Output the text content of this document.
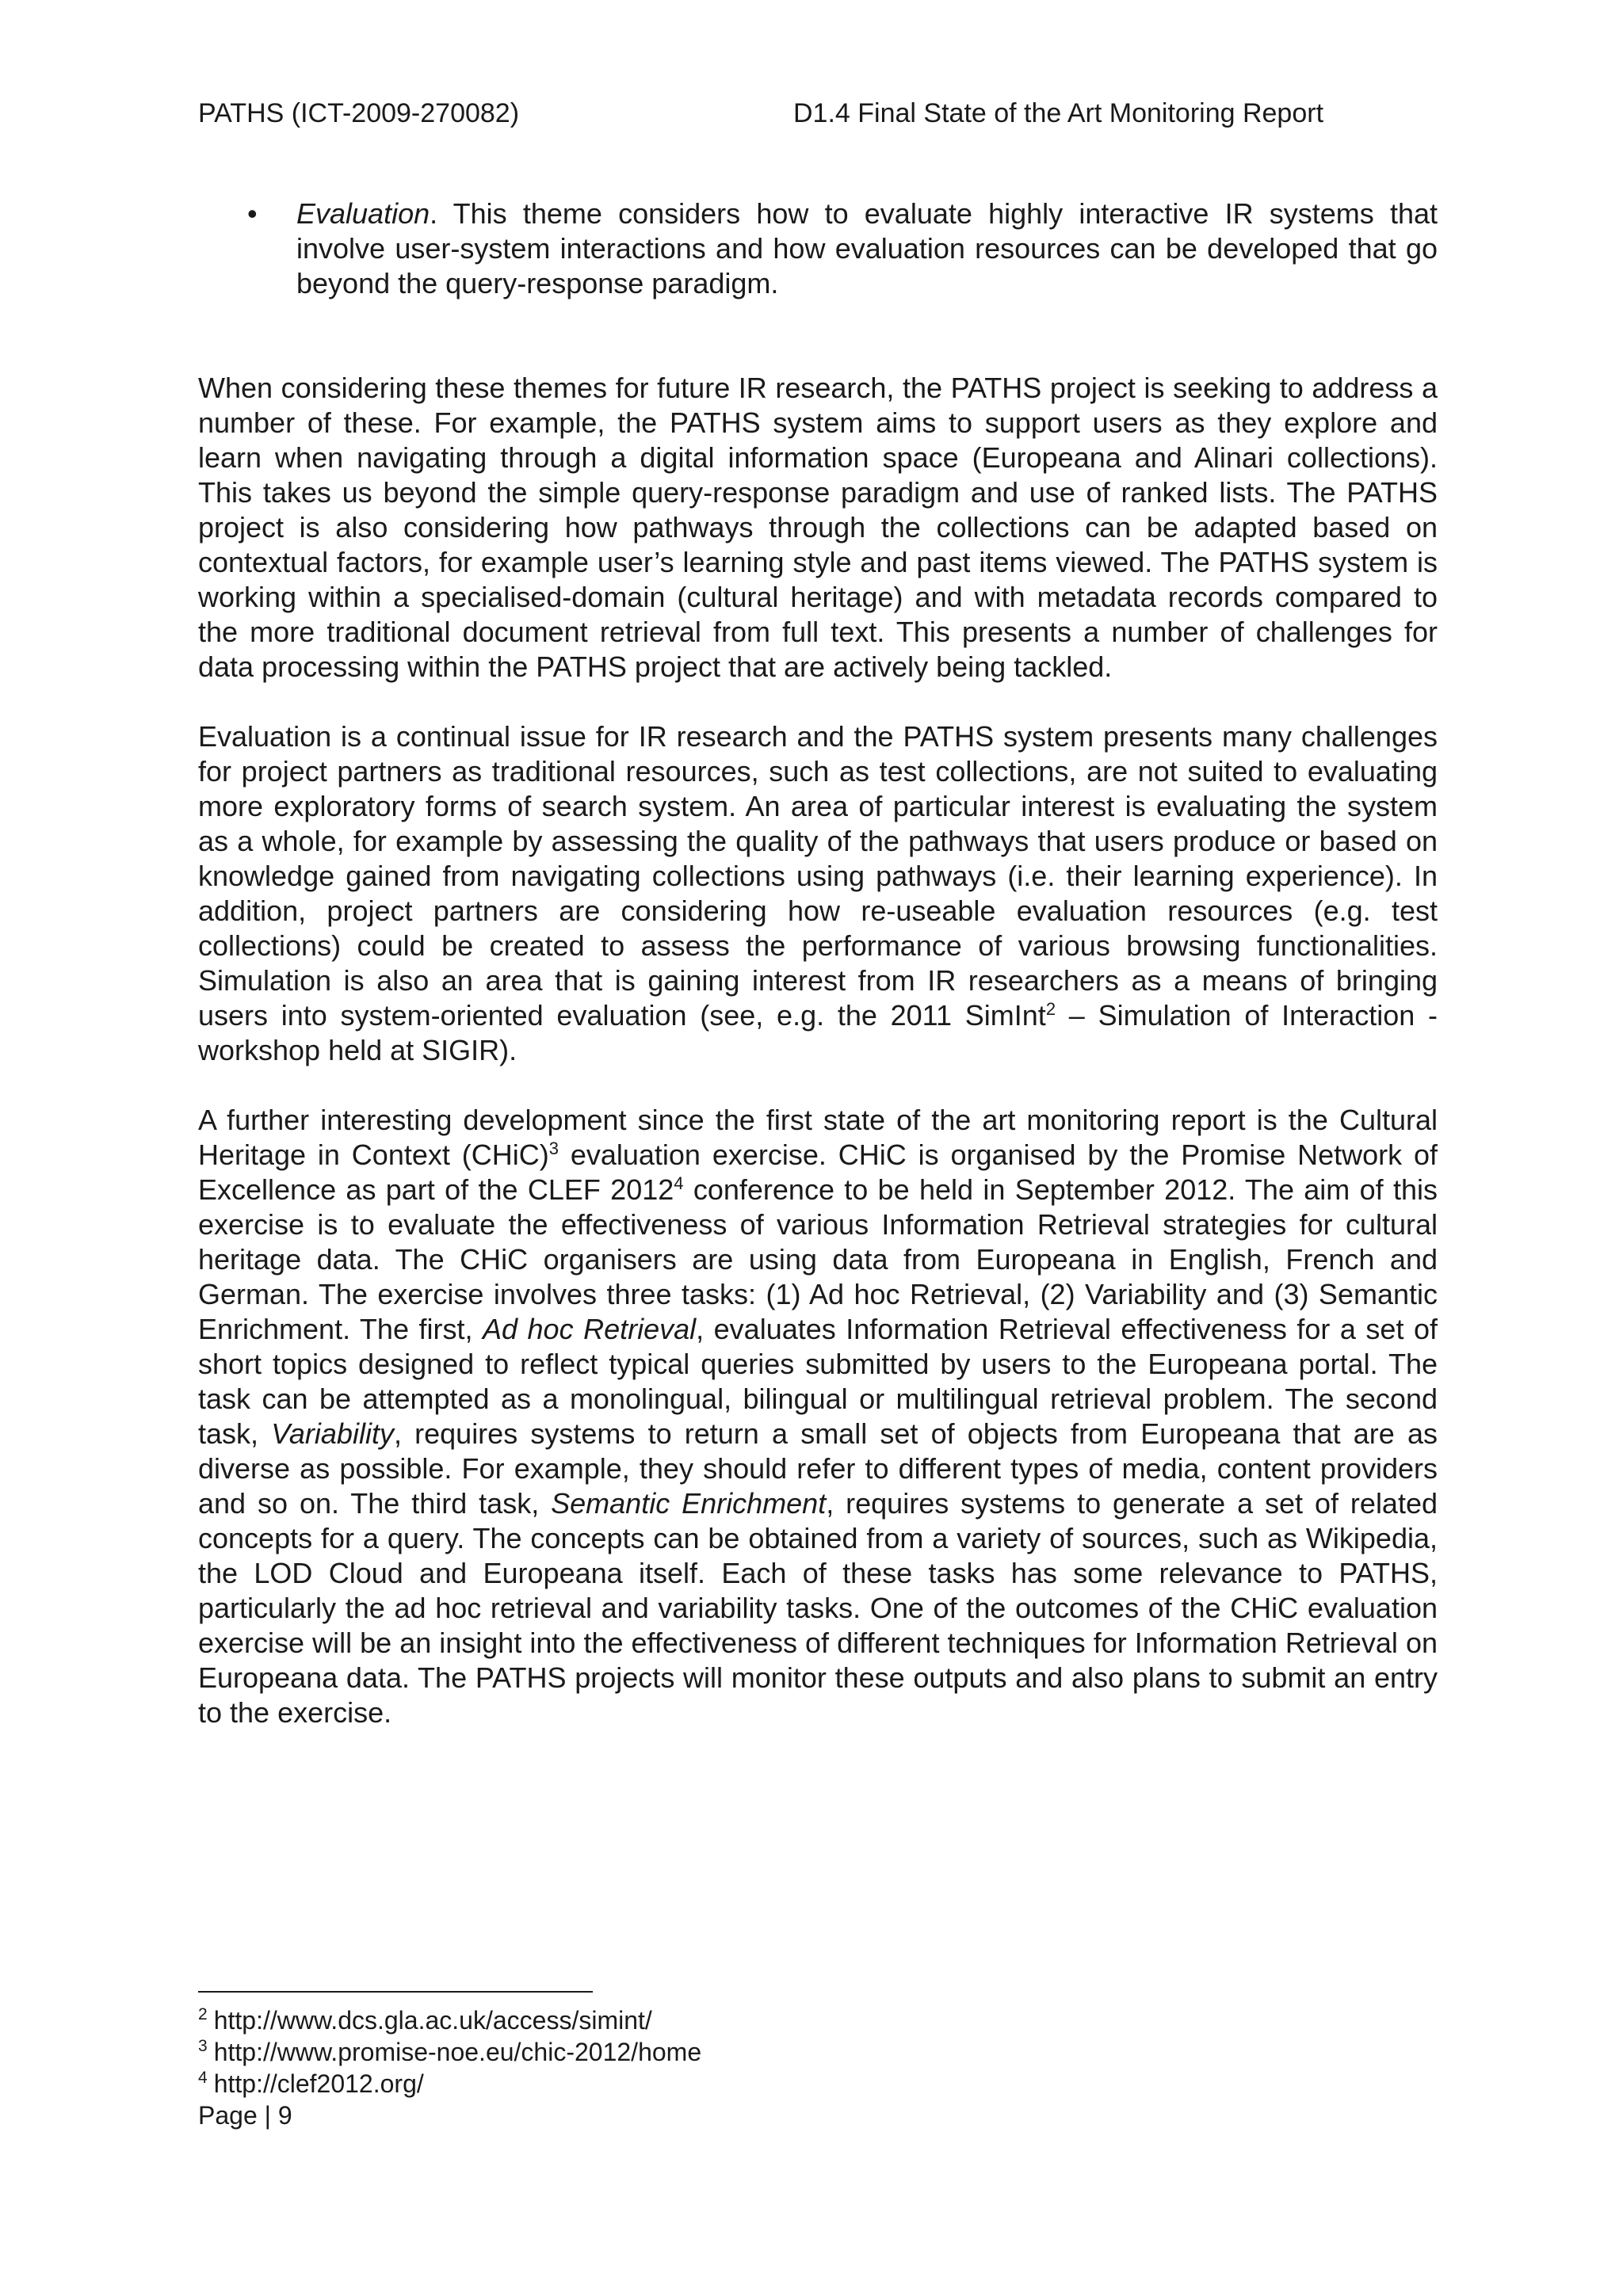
PATHS (ICT-2009-270082)	D1.4 Final State of the Art Monitoring Report
• Evaluation. This theme considers how to evaluate highly interactive IR systems that involve user-system interactions and how evaluation resources can be developed that go beyond the query-response paradigm.

When considering these themes for future IR research, the PATHS project is seeking to address a number of these. For example, the PATHS system aims to support users as they explore and learn when navigating through a digital information space (Europeana and Alinari collections). This takes us beyond the simple query-response paradigm and use of ranked lists. The PATHS project is also considering how pathways through the collections can be adapted based on contextual factors, for example user’s learning style and past items viewed. The PATHS system is working within a specialised-domain (cultural heritage) and with metadata records compared to the more traditional document retrieval from full text. This presents a number of challenges for data processing within the PATHS project that are actively being tackled.

Evaluation is a continual issue for IR research and the PATHS system presents many challenges for project partners as traditional resources, such as test collections, are not suited to evaluating more exploratory forms of search system. An area of particular interest is evaluating the system as a whole, for example by assessing the quality of the pathways that users produce or based on knowledge gained from navigating collections using pathways (i.e. their learning experience). In addition, project partners are considering how re-useable evaluation resources (e.g. test collections) could be created to assess the performance of various browsing functionalities. Simulation is also an area that is gaining interest from IR researchers as a means of bringing users into system-oriented evaluation (see, e.g. the 2011 SimInt$^2$ – Simulation of Interaction - workshop held at SIGIR).

A further interesting development since the first state of the art monitoring report is the Cultural Heritage in Context (CHiC)$^3$ evaluation exercise. CHiC is organised by the Promise Network of Excellence as part of the CLEF 2012$^4$ conference to be held in September 2012. The aim of this exercise is to evaluate the effectiveness of various Information Retrieval strategies for cultural heritage data. The CHiC organisers are using data from Europeana in English, French and German. The exercise involves three tasks: (1) Ad hoc Retrieval, (2) Variability and (3) Semantic Enrichment. The first, Ad hoc Retrieval, evaluates Information Retrieval effectiveness for a set of short topics designed to reflect typical queries submitted by users to the Europeana portal. The task can be attempted as a monolingual, bilingual or multilingual retrieval problem. The second task, Variability, requires systems to return a small set of objects from Europeana that are as diverse as possible. For example, they should refer to different types of media, content providers and so on. The third task, Semantic Enrichment, requires systems to generate a set of related concepts for a query. The concepts can be obtained from a variety of sources, such as Wikipedia, the LOD Cloud and Europeana itself. Each of these tasks has some relevance to PATHS, particularly the ad hoc retrieval and variability tasks. One of the outcomes of the CHiC evaluation exercise will be an insight into the effectiveness of different techniques for Information Retrieval on Europeana data. The PATHS projects will monitor these outputs and also plans to submit an entry to the exercise.

$^2$ http://www.dcs.gla.ac.uk/access/simint/
$^3$ http://www.promise-noe.eu/chic-2012/home
$^4$ http://clef2012.org/
Page | 9
